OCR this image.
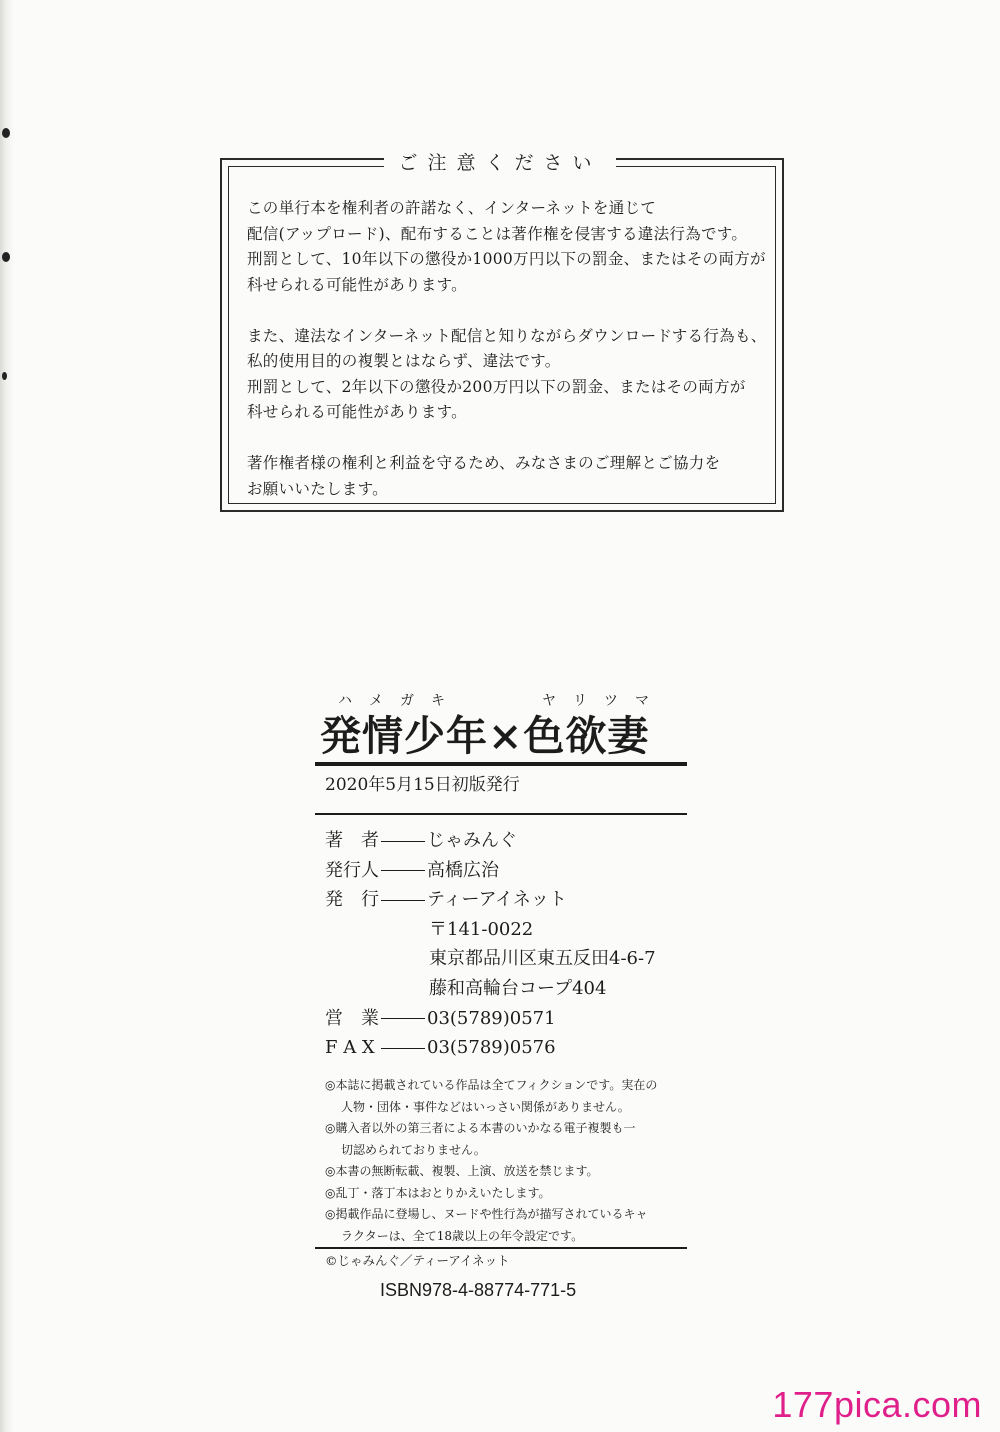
ご注意ください
この単行本を権利者の許諾なく、インターネットを通じて
配信(アップロード)、配布することは著作権を侵害する違法行為です。
刑罰として、10年以下の懲役か1000万円以下の罰金、またはその両方が
科せられる可能性があります。
また、違法なインターネット配信と知りながらダウンロードする行為も、
私的使用目的の複製とはならず、違法です。
刑罰として、2年以下の懲役か200万円以下の罰金、またはその両方が
科せられる可能性があります。
著作権者様の権利と利益を守るため、みなさまのご理解とご協力を
お願いいたします。
ハメガキ	ヤリツマ
発情少年×色欲妻
2020年5月15日初版発行
著　者	じゃみんぐ
発行人	高橋広治
発　行	ティーアイネット
〒141-0022
東京都品川区東五反田4-6-7
藤和高輪台コープ404
営　業	03(5789)0571
F A X	03(5789)0576
◎本誌に掲載されている作品は全てフィクションです。実在の
人物・団体・事件などはいっさい関係がありません。
◎購入者以外の第三者による本書のいかなる電子複製も一
切認められておりません。
◎本書の無断転載、複製、上演、放送を禁じます。
◎乱丁・落丁本はおとりかえいたします。
◎掲載作品に登場し、ヌードや性行為が描写されているキャ
ラクターは、全て18歳以上の年令設定です。
©じゃみんぐ／ティーアイネット
ISBN978-4-88774-771-5
177pica.com
